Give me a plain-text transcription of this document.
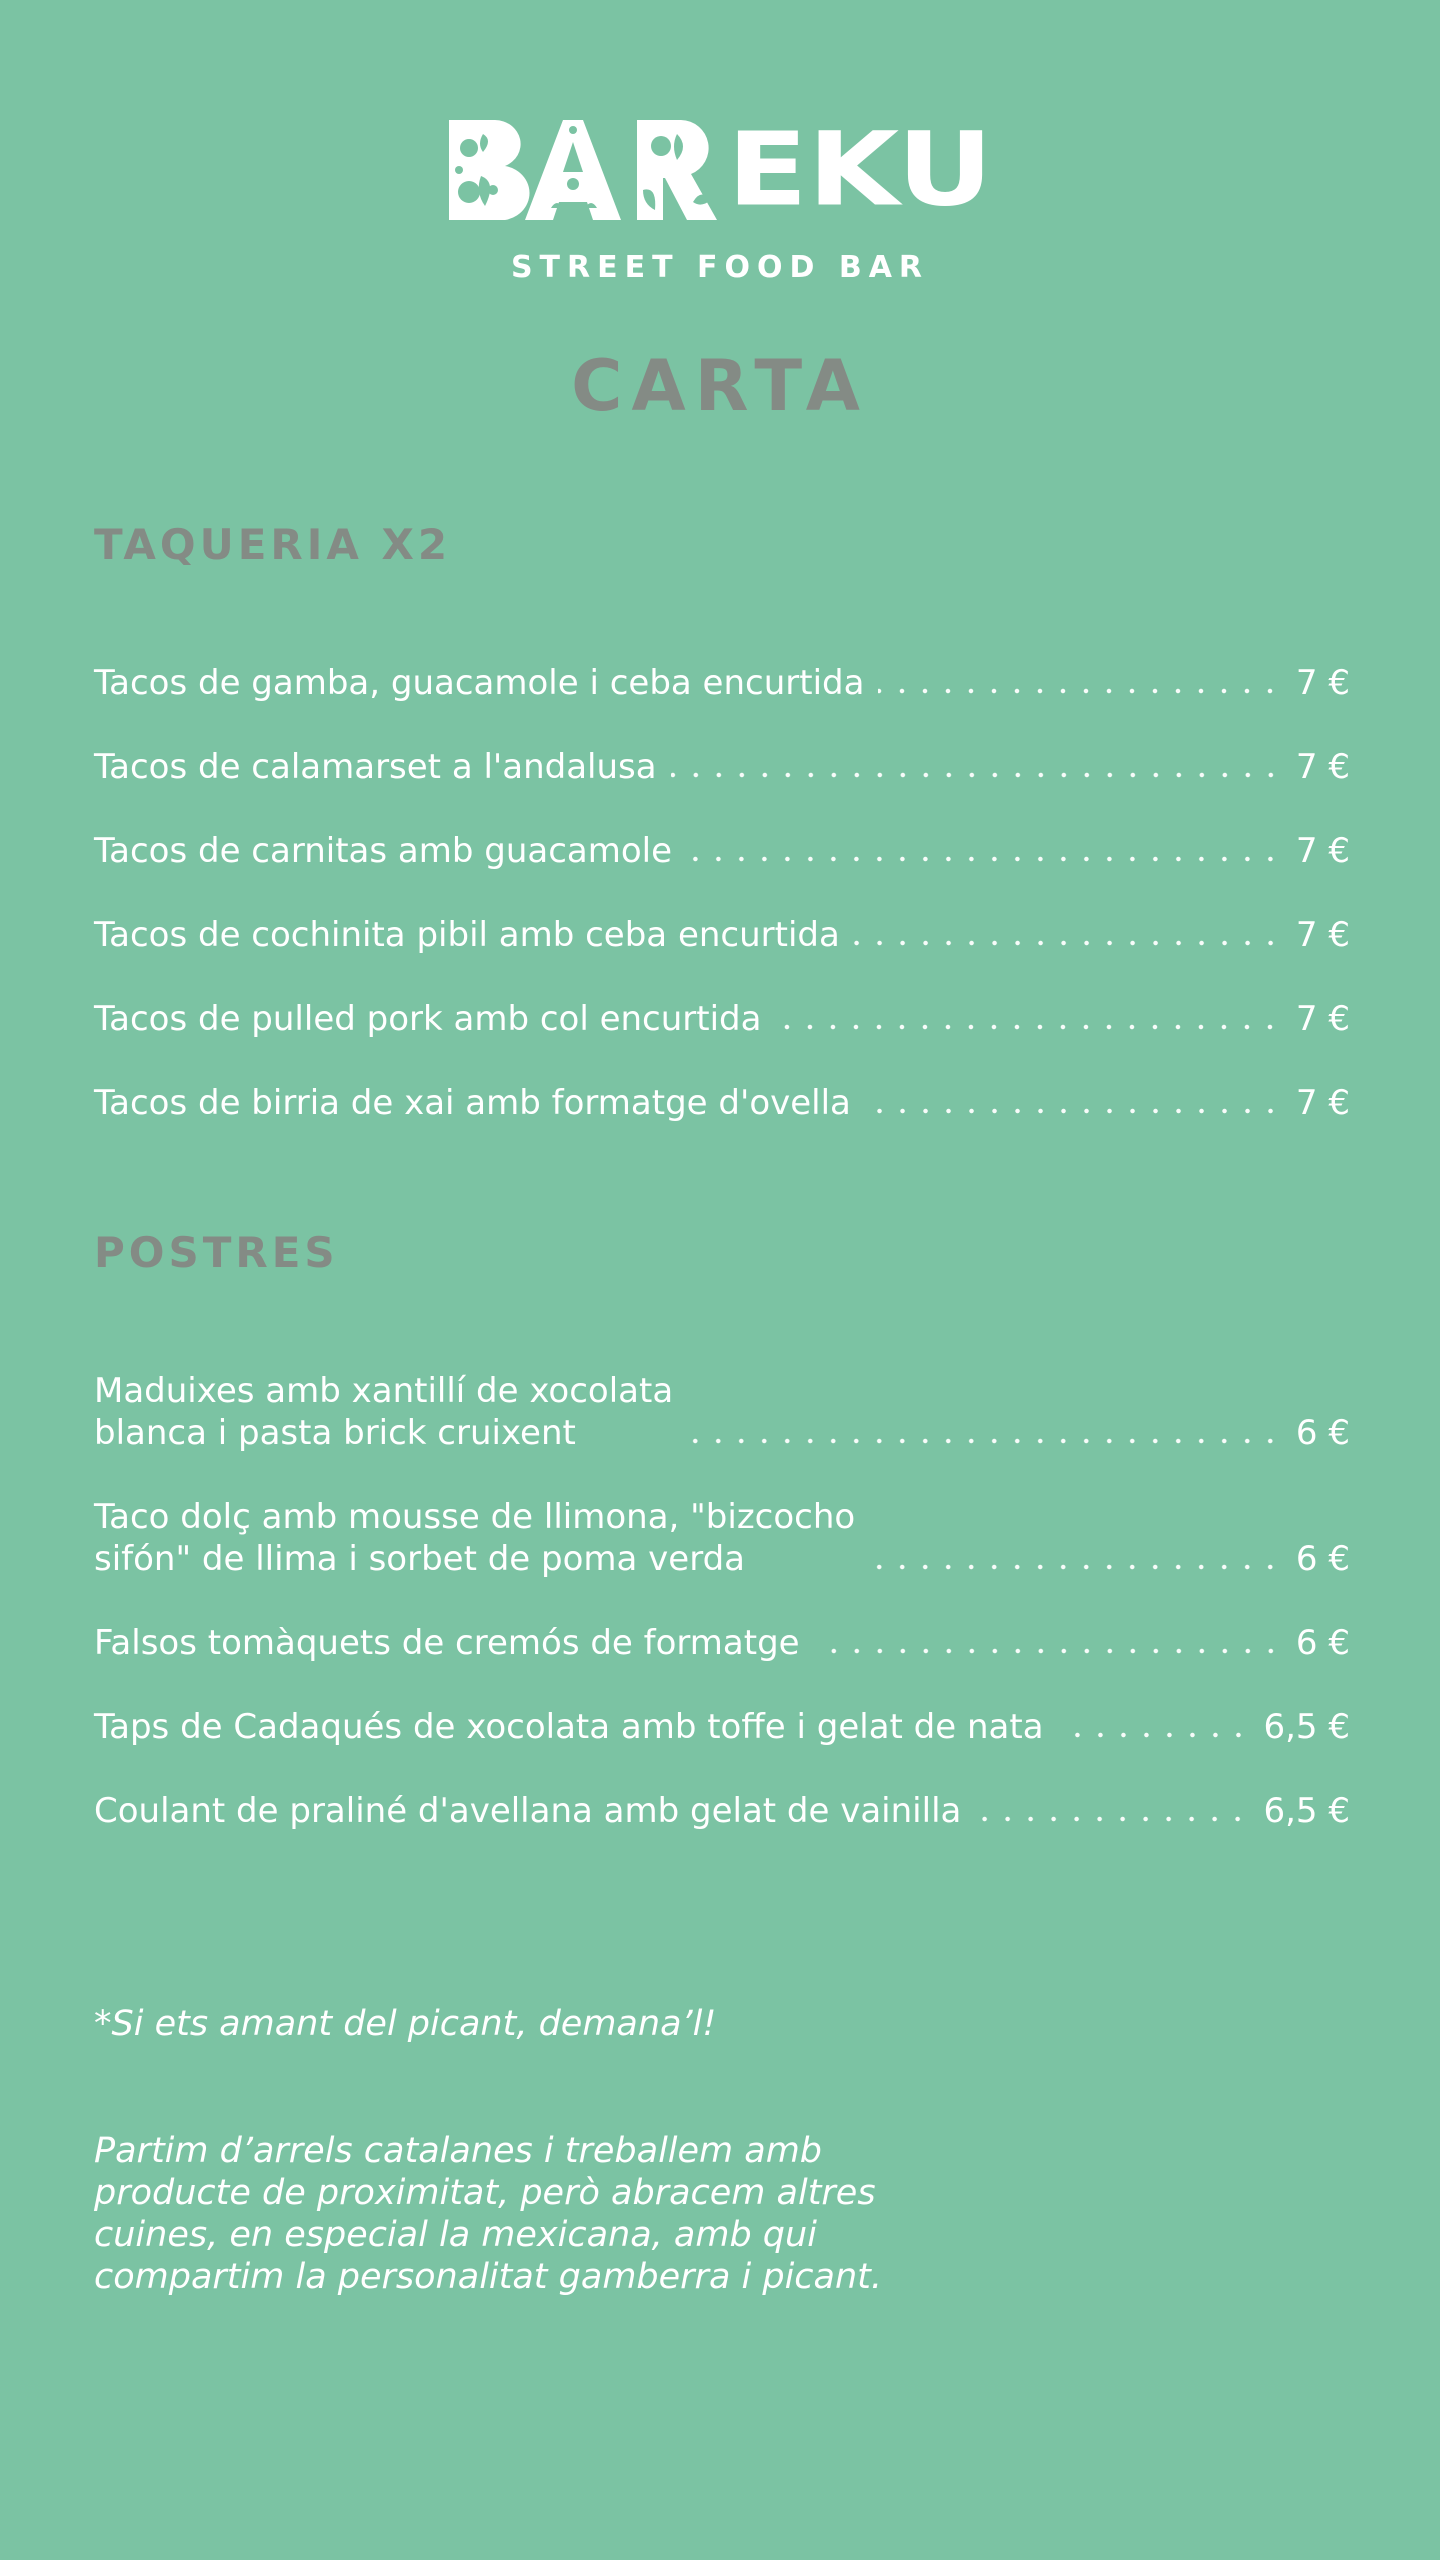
EKU
STREET FOOD BAR
CARTA
TAQUERIA X2
Tacos de gamba, guacamole i ceba encurtida	7 €
Tacos de calamarset a l'andalusa	7 €
Tacos de carnitas amb guacamole	7 €
Tacos de cochinita pibil amb ceba encurtida	7 €
Tacos de pulled pork amb col encurtida	7 €
Tacos de birria de xai amb formatge d'ovella	7 €
POSTRES
Maduixes amb xantillí de xocolata
blanca i pasta brick cruixent	6 €
Taco dolç amb mousse de llimona, "bizcocho
sifón" de llima i sorbet de poma verda	6 €
Falsos tomàquets de cremós de formatge	6 €
Taps de Cadaqués de xocolata amb toffe i gelat de nata	6,5 €
Coulant de praliné d'avellana amb gelat de vainilla	6,5 €

*Si ets amant del picant, demana’l!

Partim d’arrels catalanes i treballem amb
producte de proximitat, però abracem altres
cuines, en especial la mexicana, amb qui
compartim la personalitat gamberra i picant.
